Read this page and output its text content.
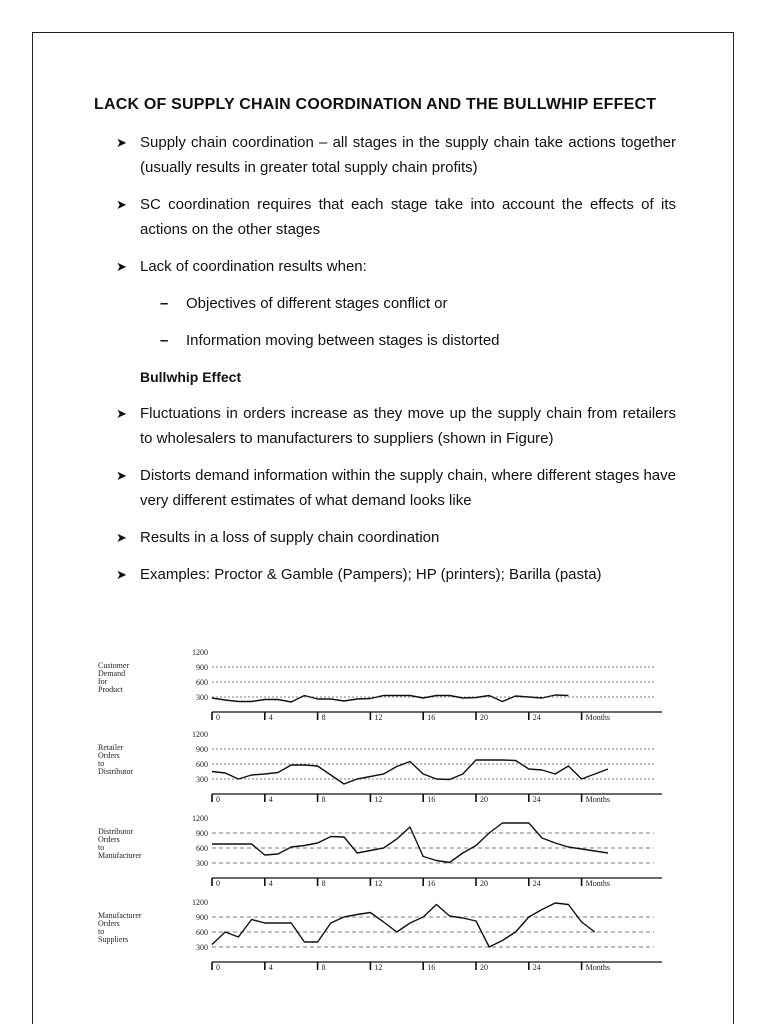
LACK OF SUPPLY CHAIN COORDINATION AND THE BULLWHIP EFFECT
➤ Supply chain coordination – all stages in the supply chain take actions together (usually results in greater total supply chain profits)
➤ SC coordination requires that each stage take into account the effects of its actions on the other stages
➤ Lack of coordination results when:
– Objectives of different stages conflict or
– Information moving between stages is distorted
Bullwhip Effect
➤ Fluctuations in orders increase as they move up the supply chain from retailers to wholesalers to manufacturers to suppliers (shown in Figure)
➤ Distorts demand information within the supply chain, where different stages have very different estimates of what demand looks like
➤ Results in a loss of supply chain coordination
➤ Examples: Proctor & Gamble (Pampers); HP (printers); Barilla (pasta)
Customer
Demand
for
Product
300
600
900
1200
0	4	8	12	16	20	24	Months
Retailer
Orders
to
Distributor
300
600
900
1200
0	4	8	12	16	20	24	Months
Distributor
Orders
to
Manufacturer
300
600
900
1200
0	4	8	12	16	20	24	Months
Manufacturer
Orders
to
Suppliers
300
600
900
1200
0	4	8	12	16	20	24	Months
